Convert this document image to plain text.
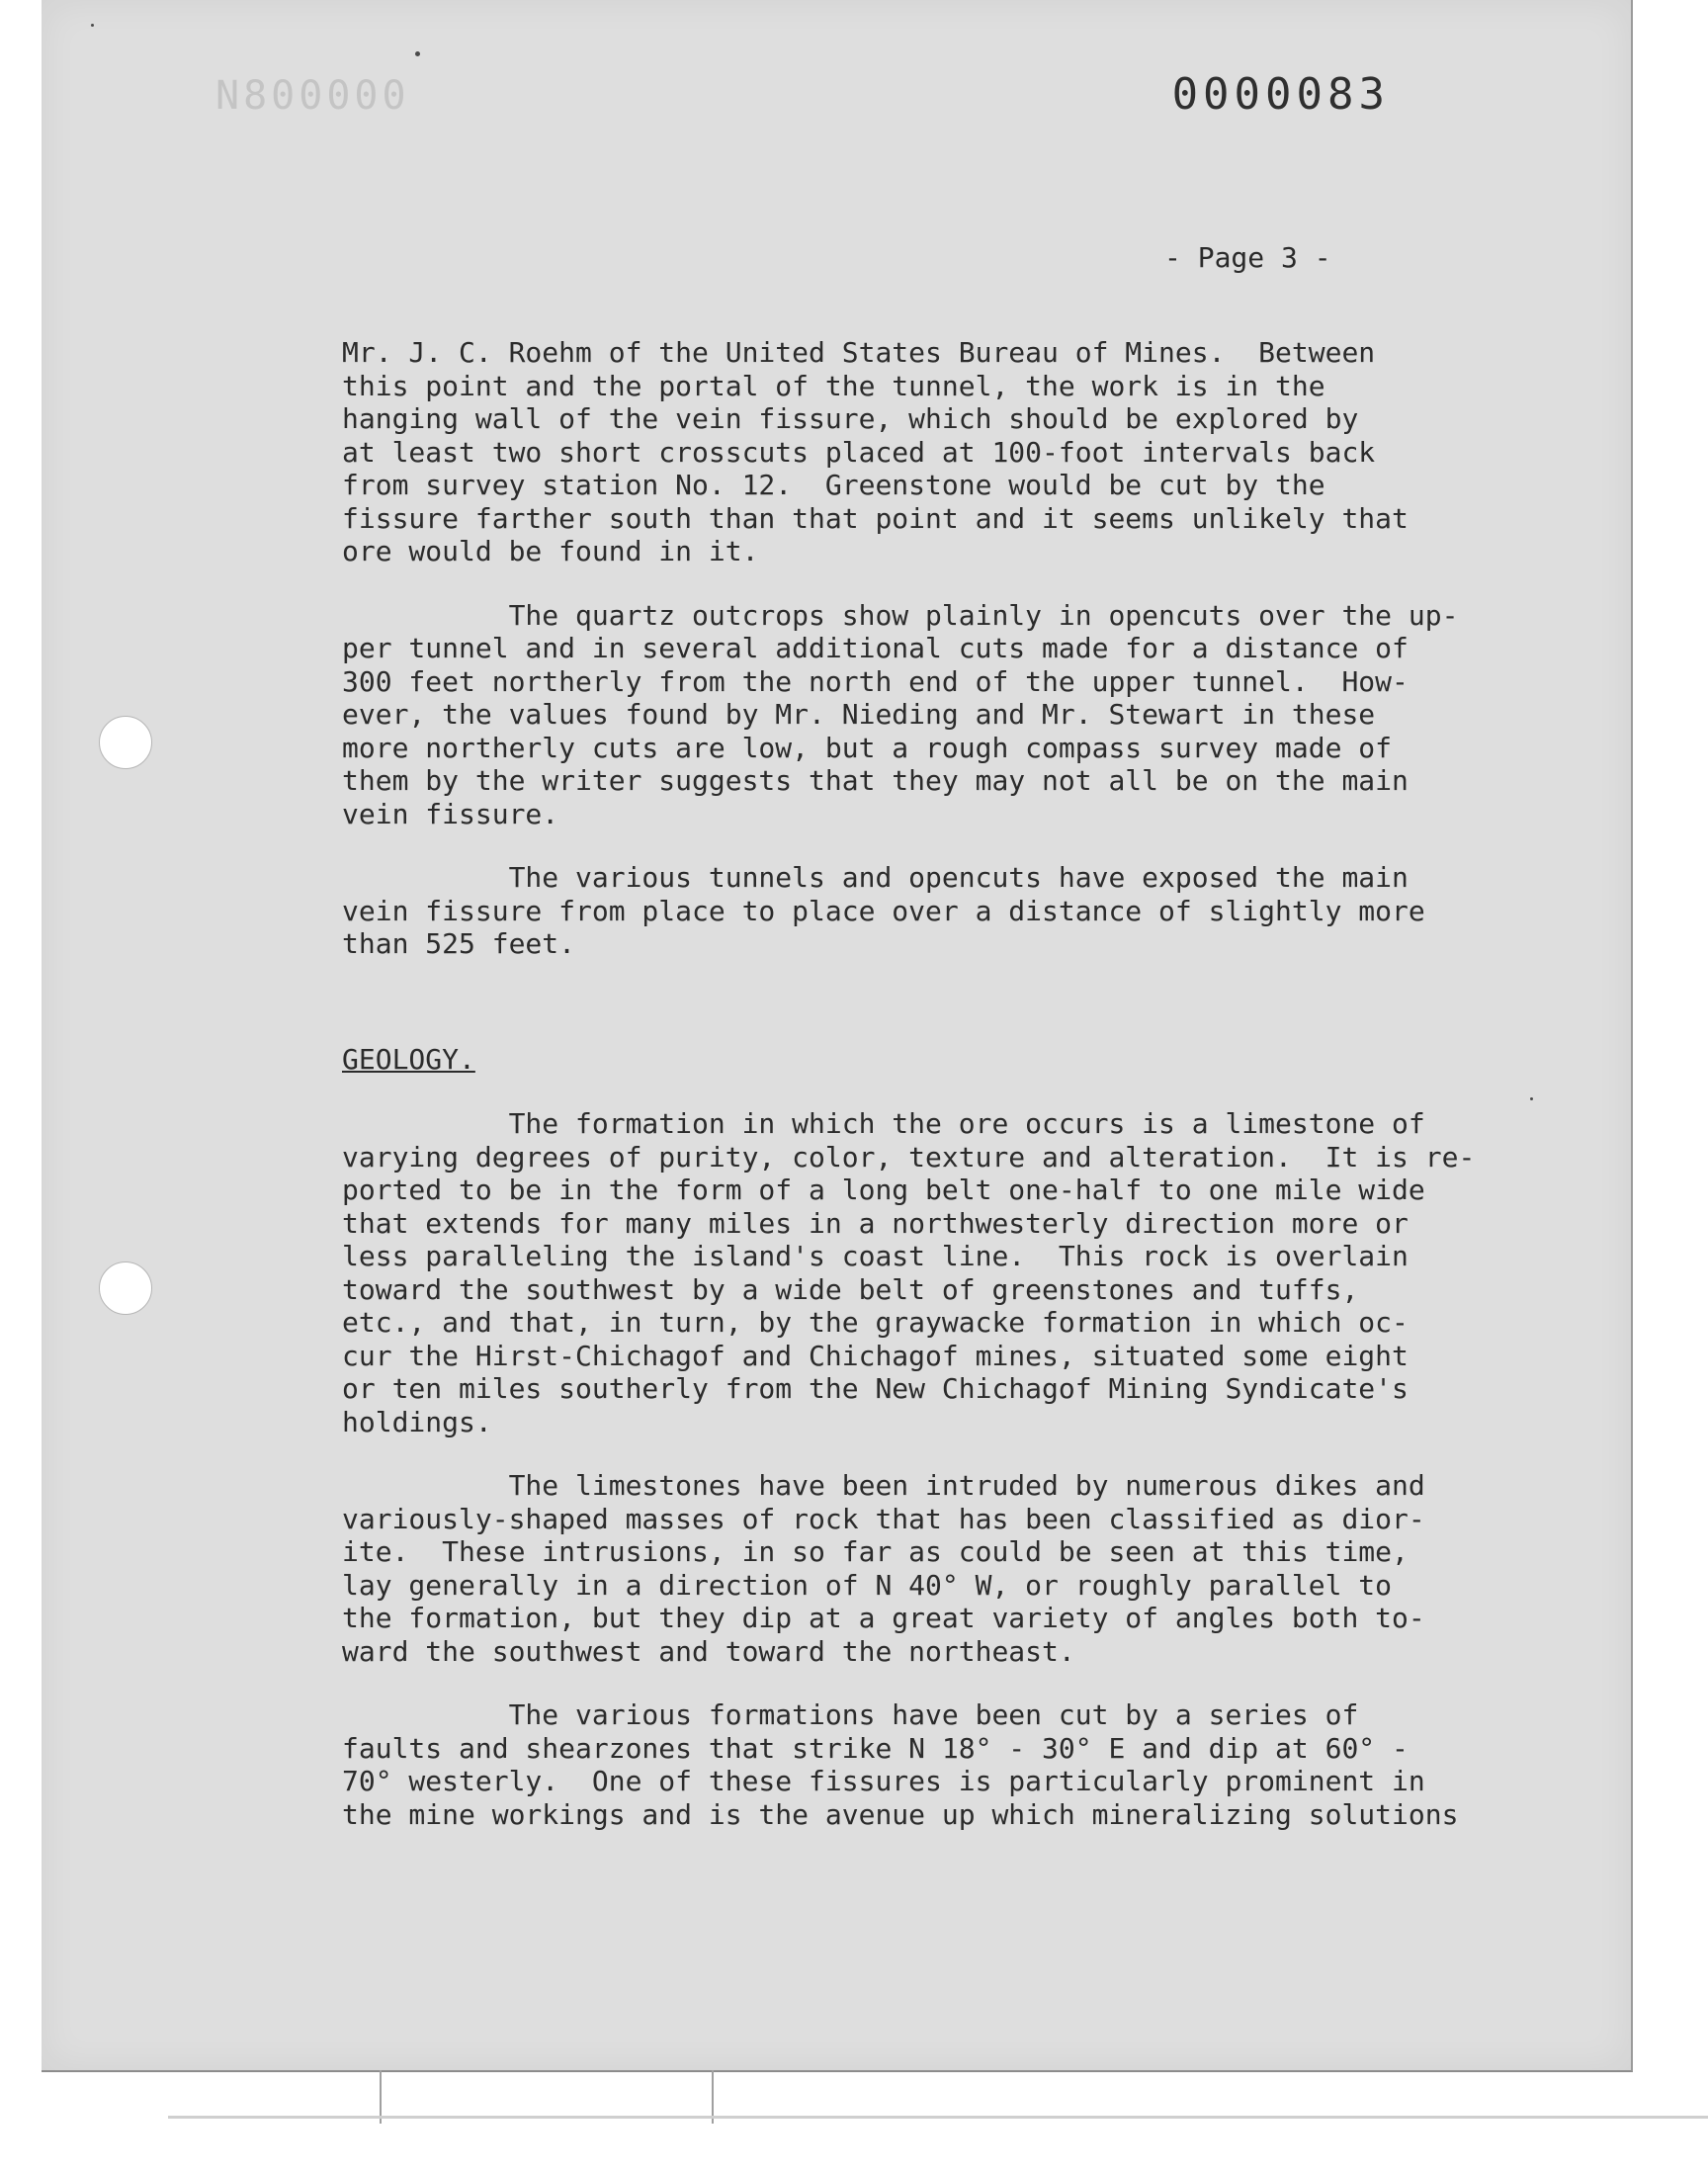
N800000	0000083
- Page 3 -

Mr. J. C. Roehm of the United States Bureau of Mines.  Between
this point and the portal of the tunnel, the work is in the
hanging wall of the vein fissure, which should be explored by
at least two short crosscuts placed at 100-foot intervals back
from survey station No. 12.  Greenstone would be cut by the
fissure farther south than that point and it seems unlikely that
ore would be found in it.

The quartz outcrops show plainly in opencuts over the up-
per tunnel and in several additional cuts made for a distance of
300 feet northerly from the north end of the upper tunnel.  How-
ever, the values found by Mr. Nieding and Mr. Stewart in these
more northerly cuts are low, but a rough compass survey made of
them by the writer suggests that they may not all be on the main
vein fissure.

The various tunnels and opencuts have exposed the main
vein fissure from place to place over a distance of slightly more
than 525 feet.

GEOLOGY.

The formation in which the ore occurs is a limestone of
varying degrees of purity, color, texture and alteration.  It is re-
ported to be in the form of a long belt one-half to one mile wide
that extends for many miles in a northwesterly direction more or
less paralleling the island's coast line.  This rock is overlain
toward the southwest by a wide belt of greenstones and tuffs,
etc., and that, in turn, by the graywacke formation in which oc-
cur the Hirst-Chichagof and Chichagof mines, situated some eight
or ten miles southerly from the New Chichagof Mining Syndicate's
holdings.

The limestones have been intruded by numerous dikes and
variously-shaped masses of rock that has been classified as dior-
ite.  These intrusions, in so far as could be seen at this time,
lay generally in a direction of N 40° W, or roughly parallel to
the formation, but they dip at a great variety of angles both to-
ward the southwest and toward the northeast.

The various formations have been cut by a series of
faults and shearzones that strike N 18° - 30° E and dip at 60° -
70° westerly.  One of these fissures is particularly prominent in
the mine workings and is the avenue up which mineralizing solutions
